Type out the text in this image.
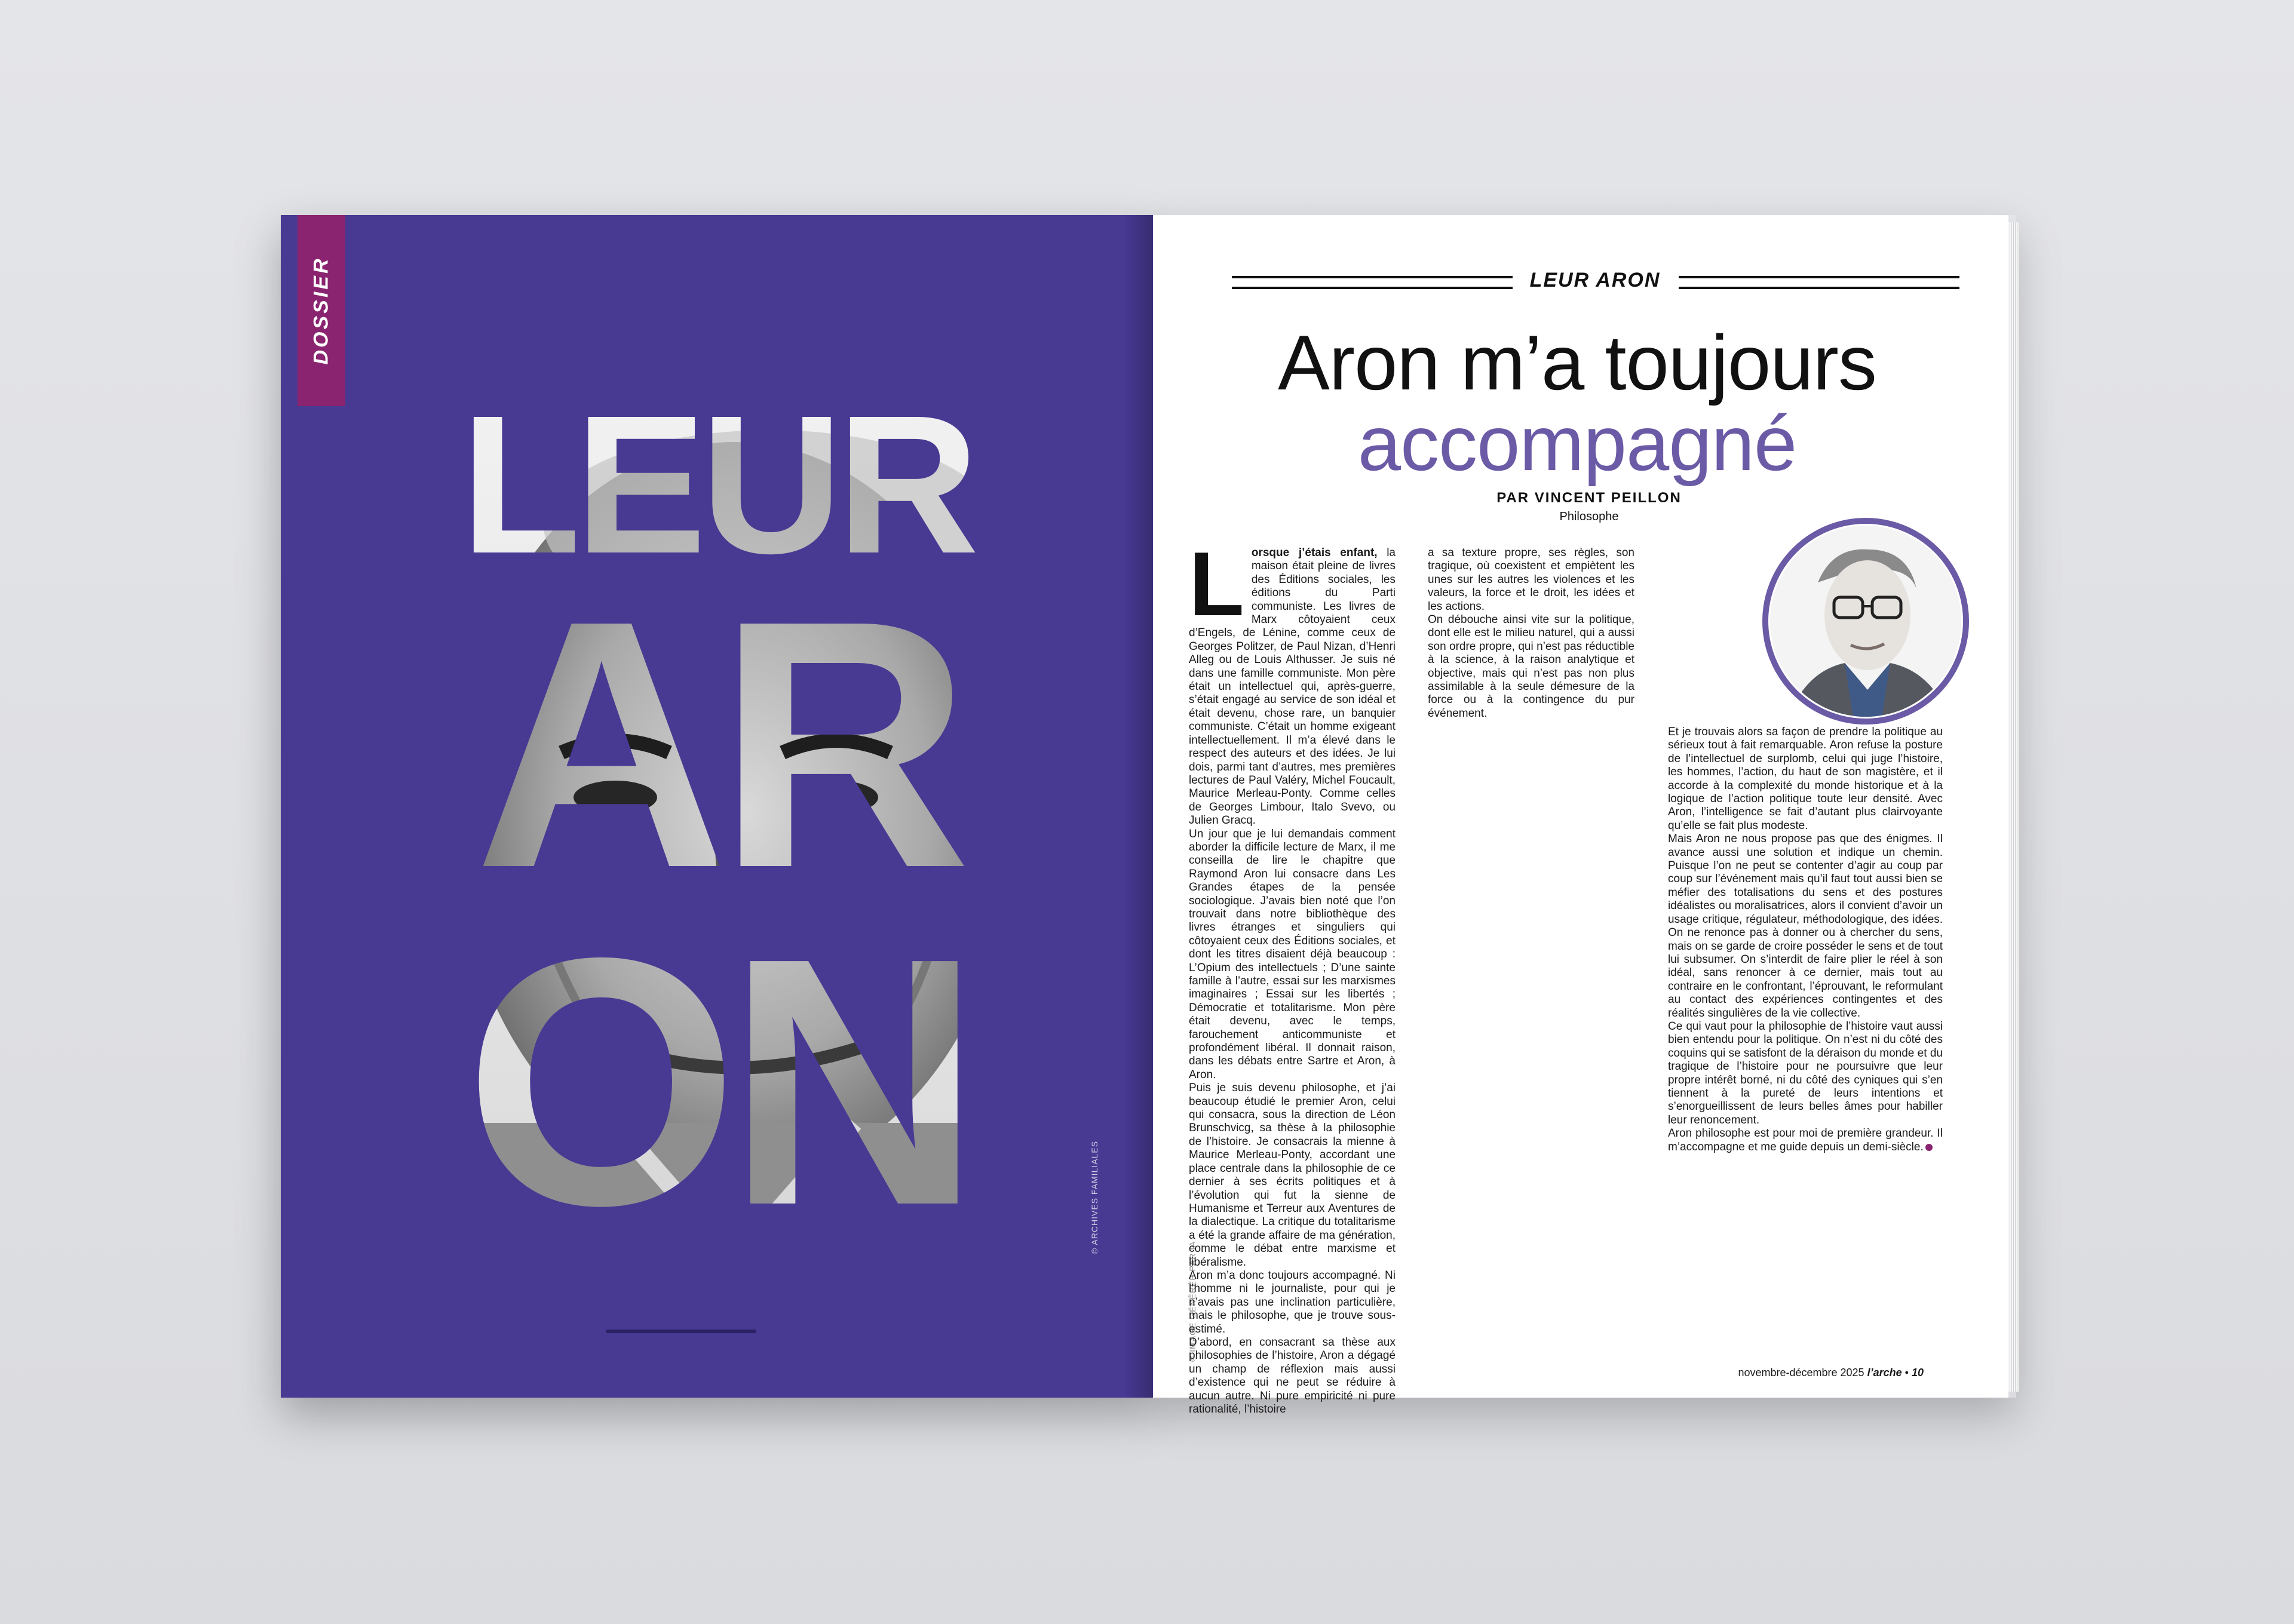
DOSSIER
© ARCHIVES FAMILIALES
© IMAGE GÉNÉRÉE PAR IA
LEUR ARON
Aron m’a toujours
accompagné
PAR VINCENT PEILLON
Philosophe

Lorsque j’étais enfant, la maison était pleine de livres des Éditions sociales, les éditions du Parti communiste. Les livres de Marx côtoyaient ceux d’Engels, de Lénine, comme ceux de Georges Politzer, de Paul Nizan, d’Henri Alleg ou de Louis Althusser. Je suis né dans une famille communiste. Mon père était un intellectuel qui, après-guerre, s’était engagé au service de son idéal et était devenu, chose rare, un banquier communiste. C’était un homme exigeant intellectuellement. Il m’a élevé dans le respect des auteurs et des idées. Je lui dois, parmi tant d’autres, mes premières lectures de Paul Valéry, Michel Foucault, Maurice Merleau-Ponty. Comme celles de Georges Limbour, Italo Svevo, ou Julien Gracq.

Un jour que je lui demandais comment aborder la difficile lecture de Marx, il me conseilla de lire le chapitre que Raymond Aron lui consacre dans Les Grandes étapes de la pensée sociologique. J’avais bien noté que l’on trouvait dans notre bibliothèque des livres étranges et singuliers qui côtoyaient ceux des Éditions sociales, et dont les titres disaient déjà beaucoup : L’Opium des intellectuels ; D’une sainte famille à l’autre, essai sur les marxismes imaginaires ; Essai sur les libertés ; Démocratie et totalitarisme. Mon père était devenu, avec le temps, farouchement anticommuniste et profondément libéral. Il donnait raison, dans les débats entre Sartre et Aron, à Aron.

Puis je suis devenu philosophe, et j’ai beaucoup étudié le premier Aron, celui qui consacra, sous la direction de Léon Brunschvicg, sa thèse à la philosophie de l’histoire. Je consacrais la mienne à Maurice Merleau-Ponty, accordant une place centrale dans la philosophie de ce dernier à ses écrits politiques et à l’évolution qui fut la sienne de Humanisme et Terreur aux Aventures de la dialectique. La critique du totalitarisme a été la grande affaire de ma génération, comme le débat entre marxisme et libéralisme.

Aron m’a donc toujours accompagné. Ni l’homme ni le journaliste, pour qui je n’avais pas une inclination particulière, mais le philosophe, que je trouve sous-estimé.

D’abord, en consacrant sa thèse aux philosophies de l’histoire, Aron a dégagé un champ de réflexion mais aussi d’existence qui ne peut se réduire à aucun autre. Ni pure empiricité ni pure rationalité, l’histoire

a sa texture propre, ses règles, son tragique, où coexistent et empiètent les unes sur les autres les violences et les valeurs, la force et le droit, les idées et les actions.

On débouche ainsi vite sur la politique, dont elle est le milieu naturel, qui a aussi son ordre propre, qui n’est pas réductible à la science, à la raison analytique et objective, mais qui n’est pas non plus assimilable à la seule démesure de la force ou à la contingence du pur événement.

Et je trouvais alors sa façon de prendre la politique au sérieux tout à fait remarquable. Aron refuse la posture de l’intellectuel de surplomb, celui qui juge l’histoire, les hommes, l’action, du haut de son magistère, et il accorde à la complexité du monde historique et à la logique de l’action politique toute leur densité. Avec Aron, l’intelligence se fait d’autant plus clairvoyante qu’elle se fait plus modeste.

Mais Aron ne nous propose pas que des énigmes. Il avance aussi une solution et indique un chemin. Puisque l’on ne peut se contenter d’agir au coup par coup sur l’événement mais qu’il faut tout aussi bien se méfier des totalisations du sens et des postures idéalistes ou moralisatrices, alors il convient d’avoir un usage critique, régulateur, méthodologique, des idées. On ne renonce pas à donner ou à chercher du sens, mais on se garde de croire posséder le sens et de tout lui subsumer. On s’interdit de faire plier le réel à son idéal, sans renoncer à ce dernier, mais tout au contraire en le confrontant, l’éprouvant, le reformulant au contact des expériences contingentes et des réalités singulières de la vie collective.

Ce qui vaut pour la philosophie de l’histoire vaut aussi bien entendu pour la politique. On n’est ni du côté des coquins qui se satisfont de la déraison du monde et du tragique de l’histoire pour ne poursuivre que leur propre intérêt borné, ni du côté des cyniques qui s’en tiennent à la pureté de leurs intentions et s’enorgueillissent de leurs belles âmes pour habiller leur renoncement.

Aron philosophe est pour moi de première grandeur. Il m’accompagne et me guide depuis un demi-siècle.

novembre-décembre 2025 l’arche • 10
